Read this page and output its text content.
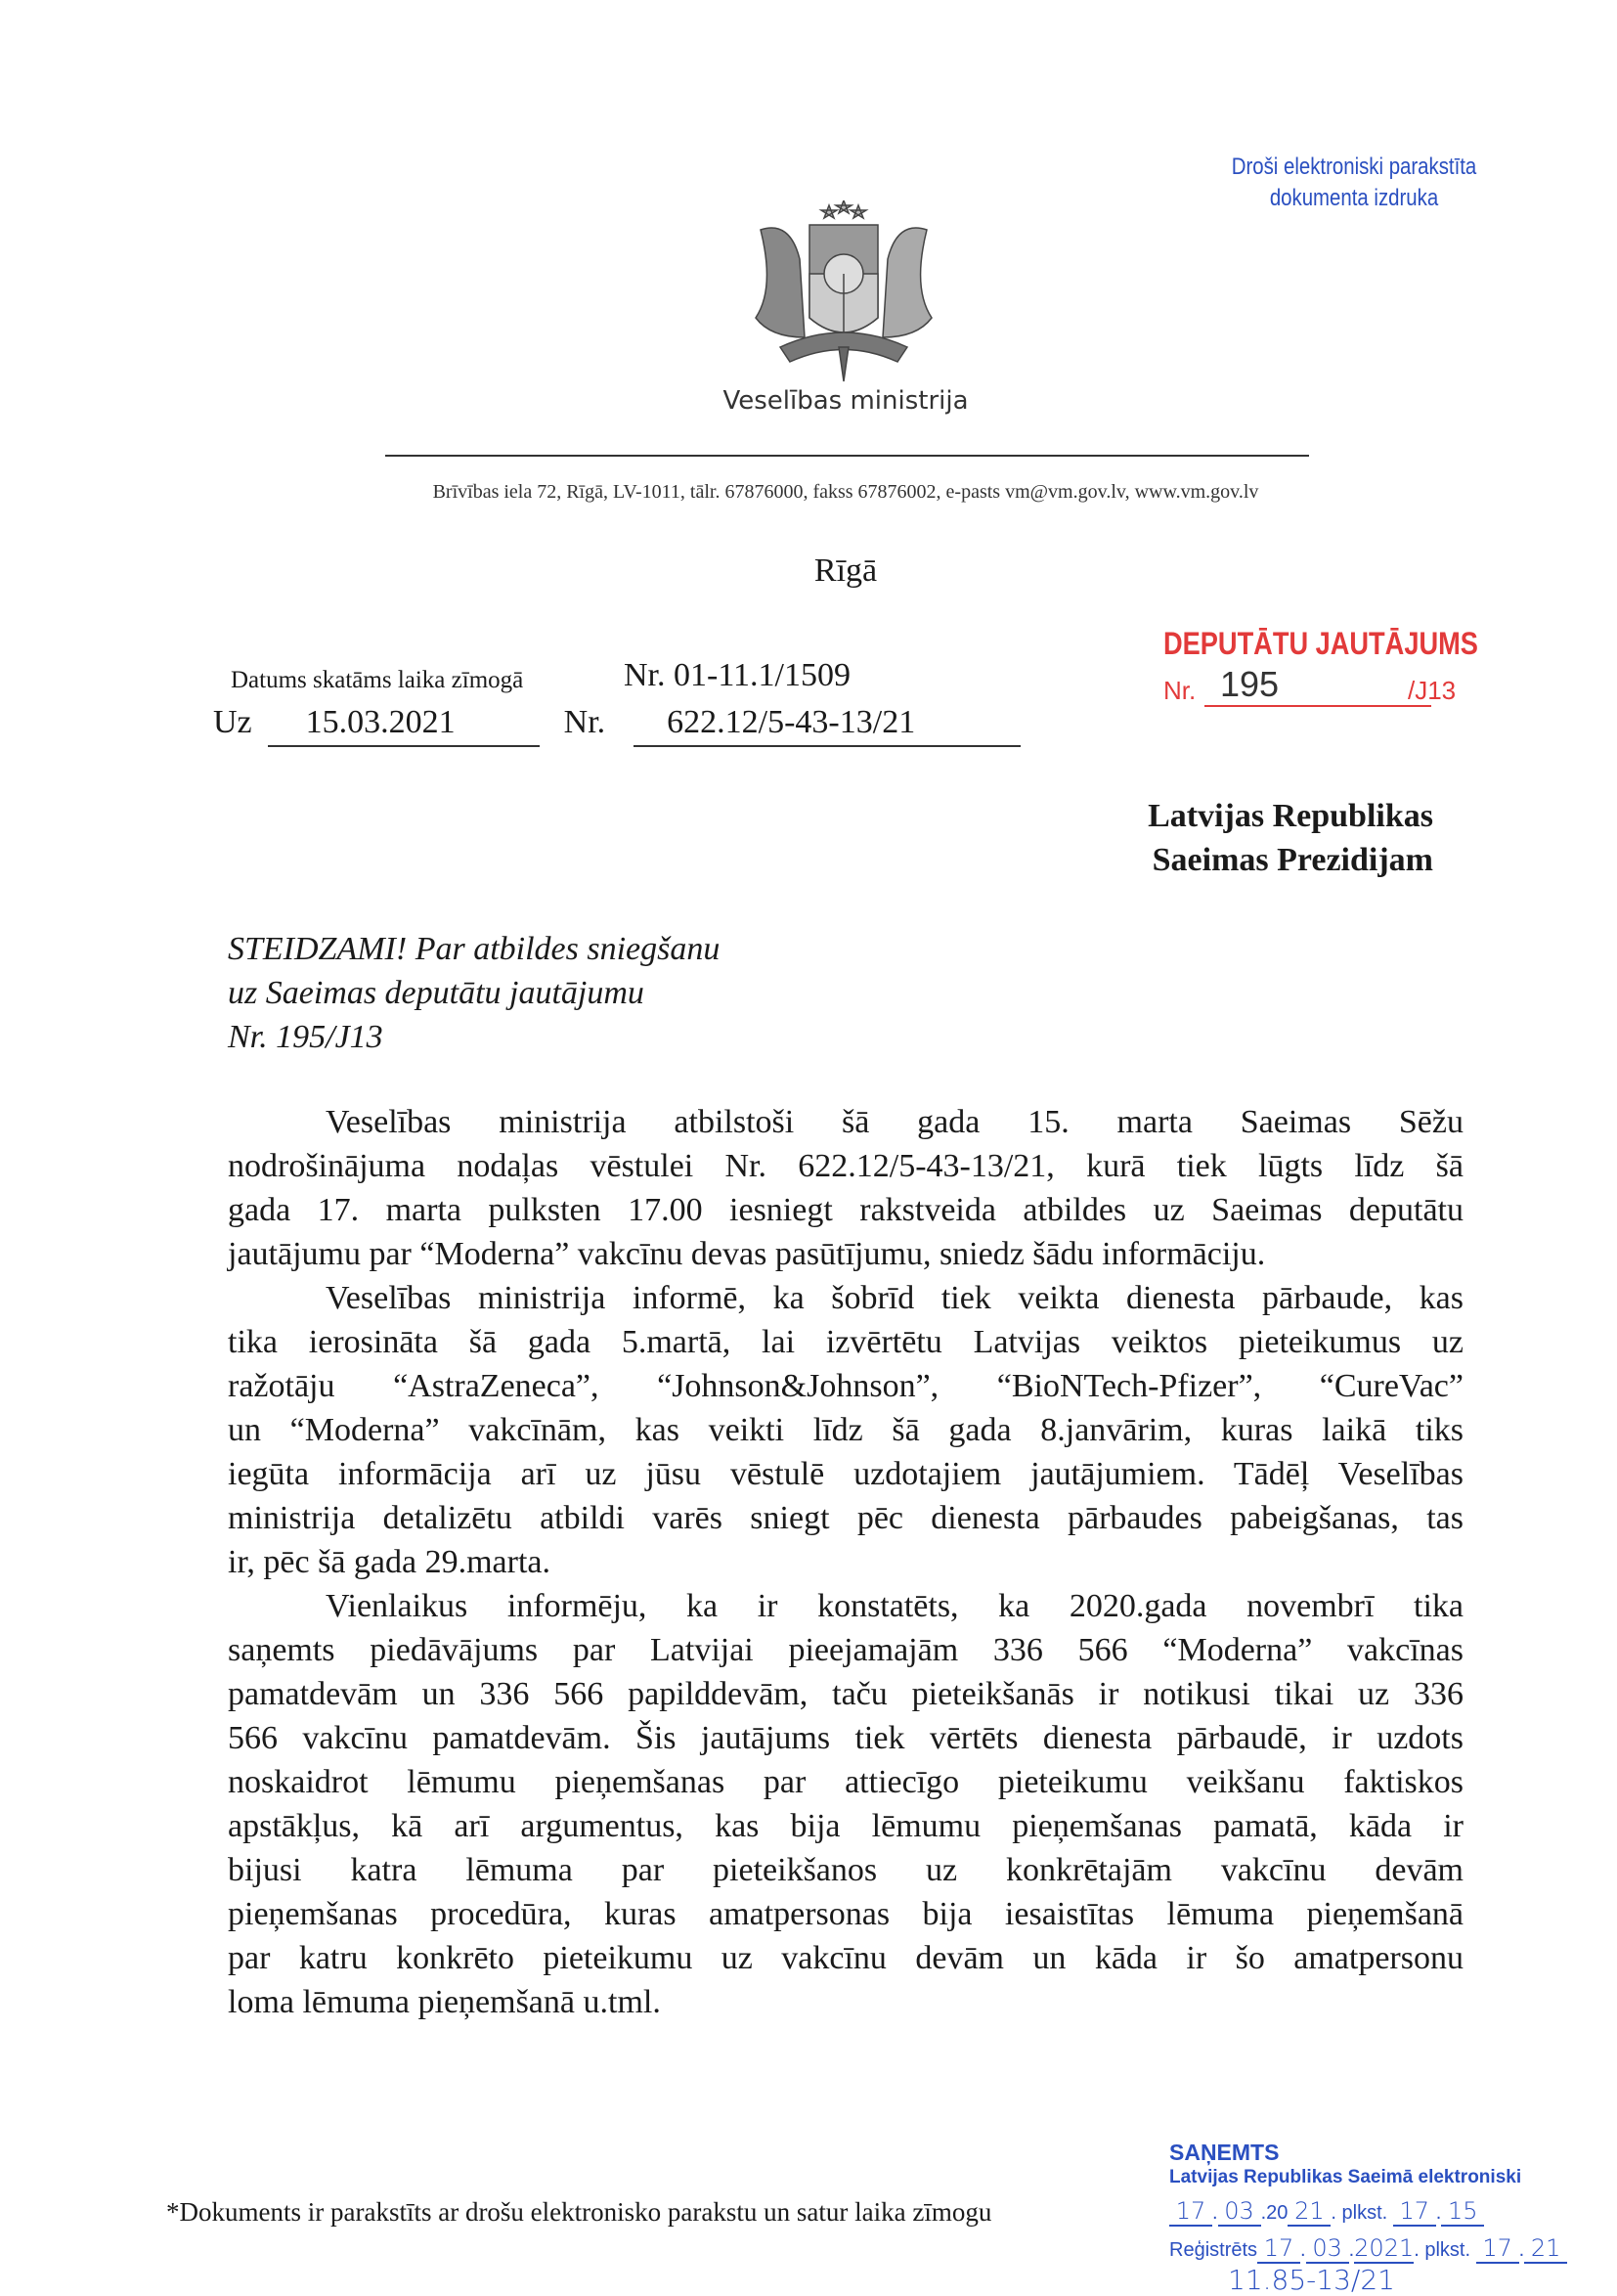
Droši elektroniski parakstīta
dokumenta izdruka
Veselības ministrija
Brīvības iela 72, Rīgā, LV-1011, tālr. 67876000, fakss 67876002, e-pasts vm@vm.gov.lv, www.vm.gov.lv
Rīgā
DEPUTĀTU JAUTĀJUMS
Nr. 195	/J13
Datums skatāms laika zīmogā	Nr. 01-11.1/1509
Uz 15.03.2021	Nr. 622.12/5-43-13/21
Latvijas Republikas
Saeimas Prezidijam
STEIDZAMI! Par atbildes sniegšanu
uz Saeimas deputātu jautājumu
Nr. 195/J13
Veselības ministrija atbilstoši šā gada 15. marta Saeimas Sēžu
nodrošinājuma nodaļas vēstulei Nr. 622.12/5-43-13/21, kurā tiek lūgts līdz šā
gada 17. marta pulksten 17.00 iesniegt rakstveida atbildes uz Saeimas deputātu
jautājumu par “Moderna” vakcīnu devas pasūtījumu, sniedz šādu informāciju.
Veselības ministrija informē, ka šobrīd tiek veikta dienesta pārbaude, kas
tika ierosināta šā gada 5.martā, lai izvērtētu Latvijas veiktos pieteikumus uz
ražotāju “AstraZeneca”, “Johnson&Johnson”, “BioNTech-Pfizer”, “CureVac”
un “Moderna” vakcīnām, kas veikti līdz šā gada 8.janvārim, kuras laikā tiks
iegūta informācija arī uz jūsu vēstulē uzdotajiem jautājumiem. Tādēļ Veselības
ministrija detalizētu atbildi varēs sniegt pēc dienesta pārbaudes pabeigšanas, tas
ir, pēc šā gada 29.marta.
Vienlaikus informēju, ka ir konstatēts, ka 2020.gada novembrī tika
saņemts piedāvājums par Latvijai pieejamajām 336 566 “Moderna” vakcīnas
pamatdevām un 336 566 papilddevām, taču pieteikšanās ir notikusi tikai uz 336
566 vakcīnu pamatdevām. Šis jautājums tiek vērtēts dienesta pārbaudē, ir uzdots
noskaidrot lēmumu pieņemšanas par attiecīgo pieteikumu veikšanu faktiskos
apstākļus, kā arī argumentus, kas bija lēmumu pieņemšanas pamatā, kāda ir
bijusi katra lēmuma par pieteikšanos uz konkrētajām vakcīnu devām
pieņemšanas procedūra, kuras amatpersonas bija iesaistītas lēmuma pieņemšanā
par katru konkrēto pieteikumu uz vakcīnu devām un kāda ir šo amatpersonu
loma lēmuma pieņemšanā u.tml.
*Dokuments ir parakstīts ar drošu elektronisko parakstu un satur laika zīmogu
SAŅEMTS
Latvijas Republikas Saeimā elektroniski
17 . 03 .20 21 . plkst. 17 . 15
Reģistrēts 17 . 03 .2021. plkst. 17 . 21
11.85-13/21
